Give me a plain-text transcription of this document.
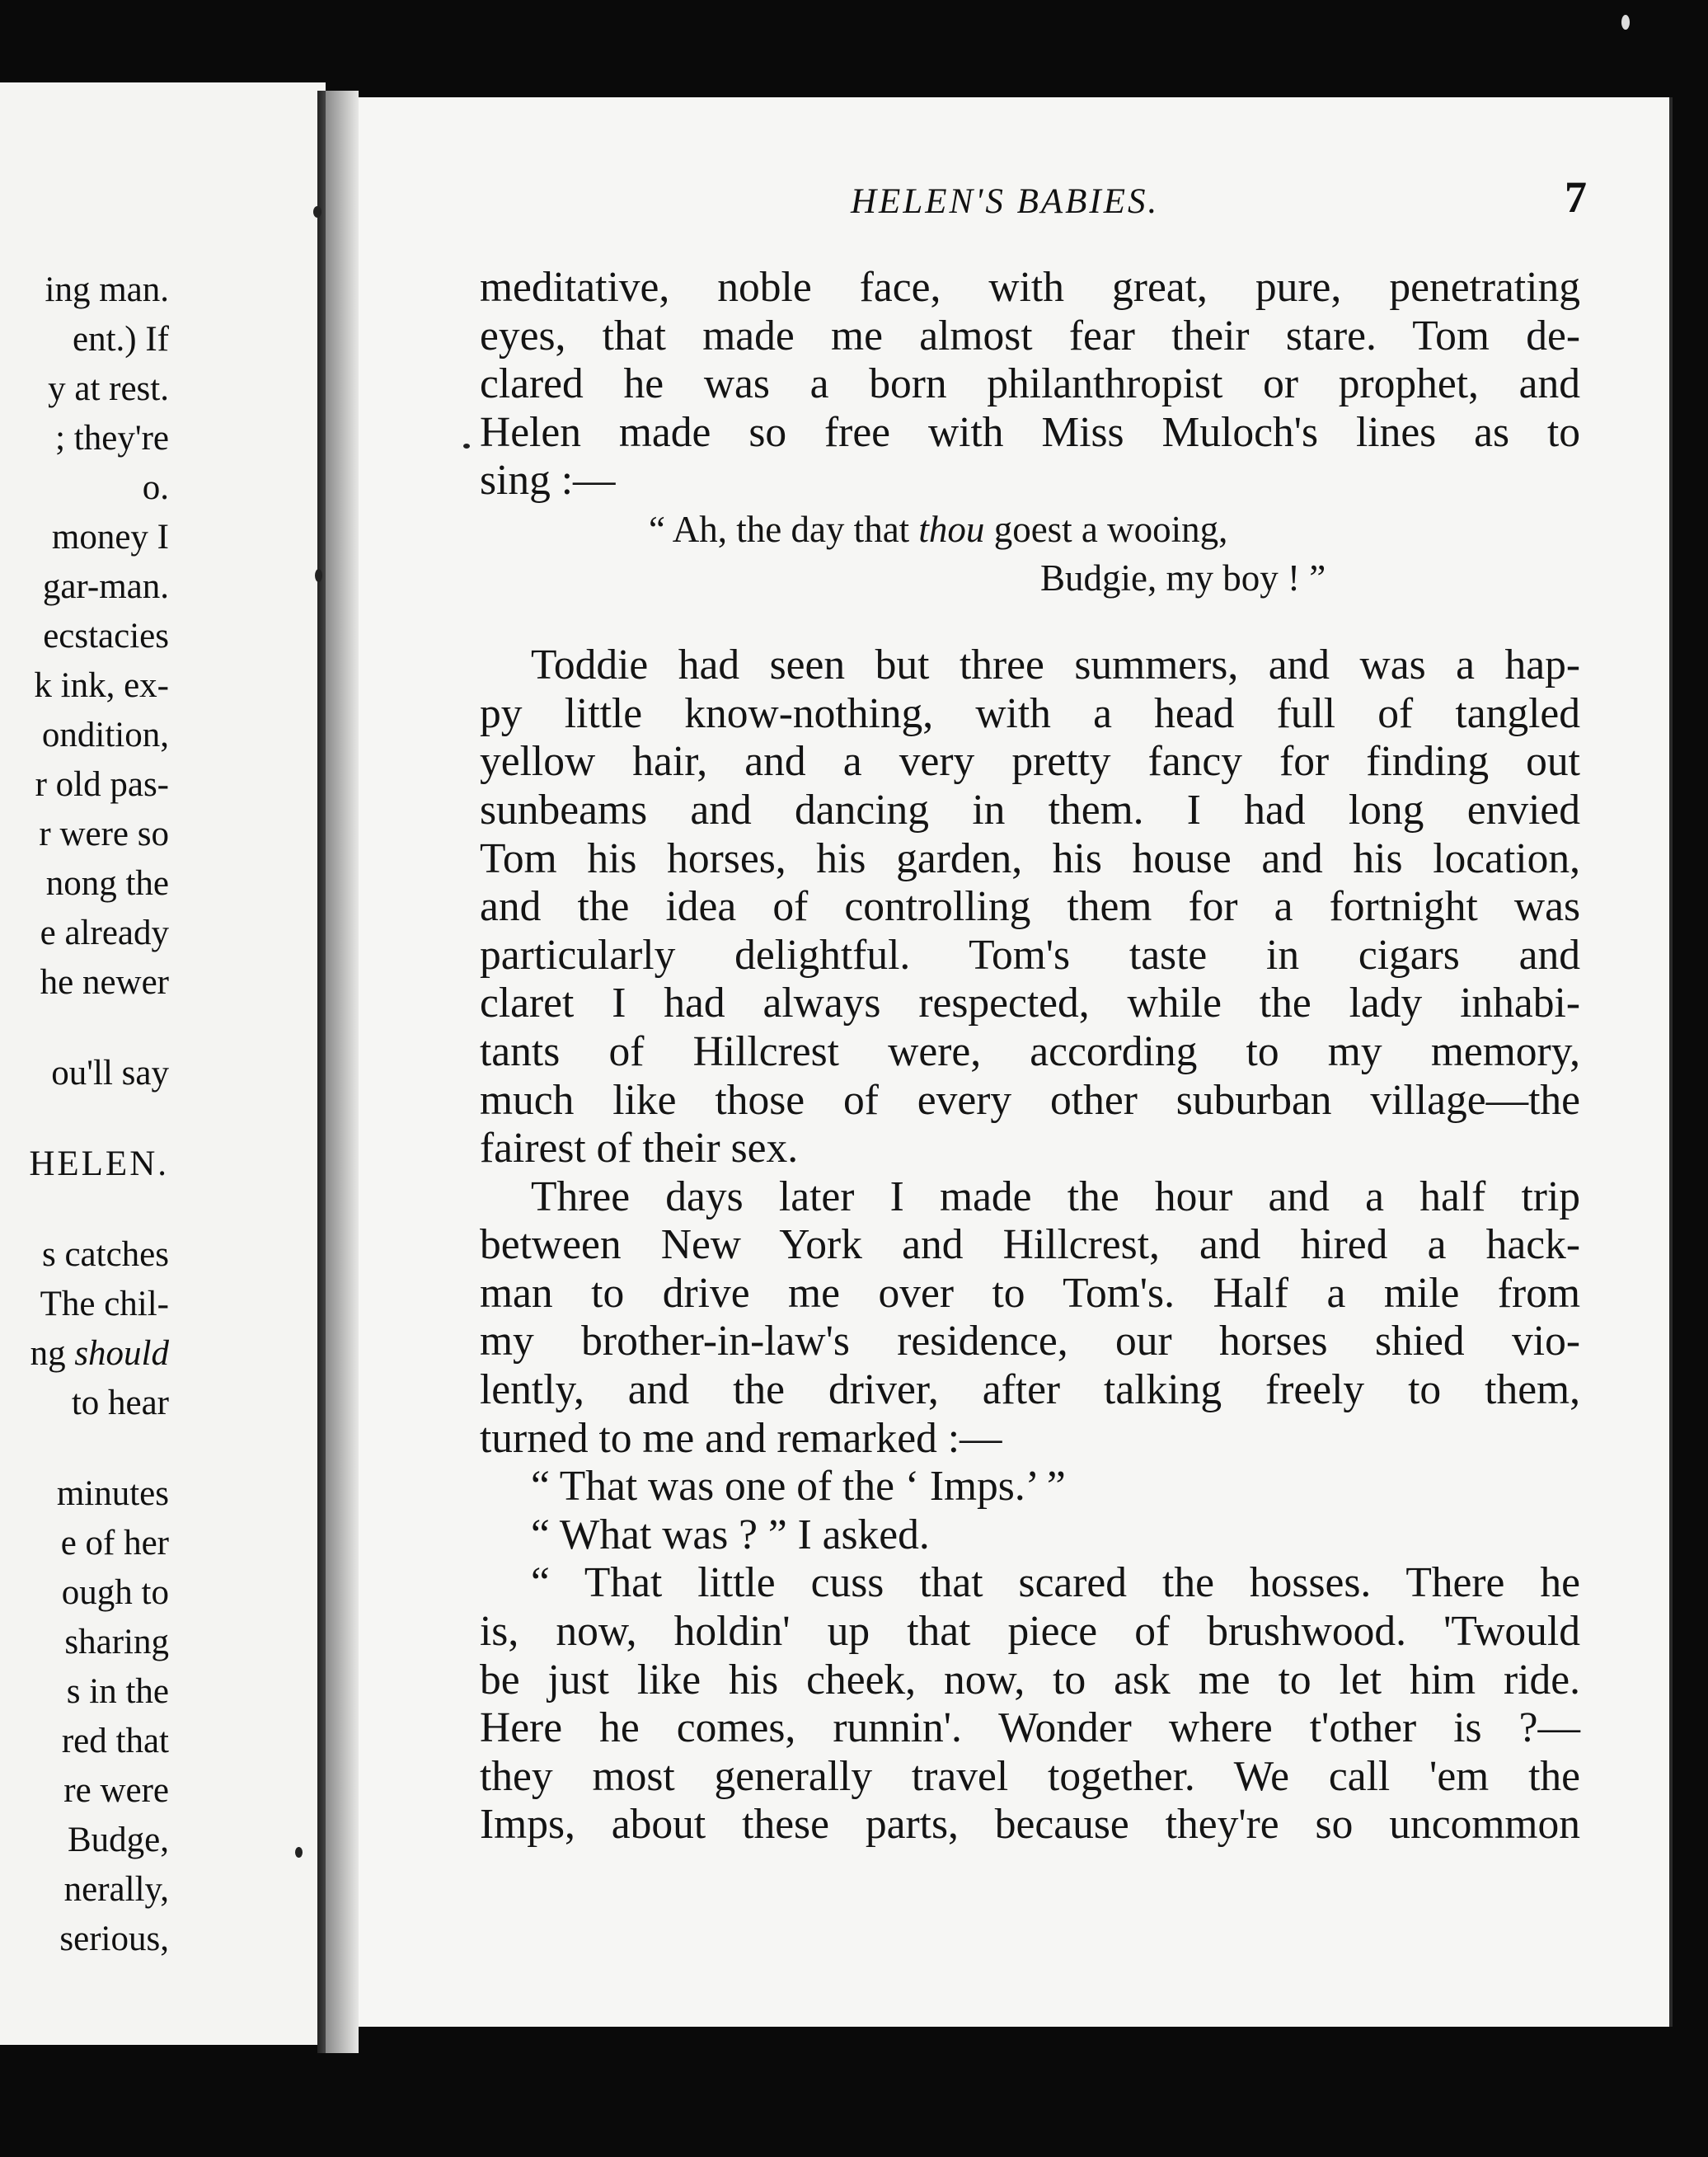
ing man.
ent.) If
y at rest.
; they're
o.
money I
gar-man.
ecstacies
k ink, ex-
ondition,
r old pas-
r were so
nong the
e already
he newer
ou'll say
HELEN.
s catches
The chil-
ng should
to hear
minutes
e of her
ough to
sharing
s in the
red that
re were
Budge,
nerally,
serious,
HELEN'S BABIES.	7
meditative, noble face, with great, pure, penetrating
eyes, that made me almost fear their stare. Tom de-
clared he was a born philanthropist or prophet, and
Helen made so free with Miss Muloch's lines as to
sing :—
“ Ah, the day that thou goest a wooing,
Budgie, my boy ! ”
Toddie had seen but three summers, and was a hap-
py little know-nothing, with a head full of tangled
yellow hair, and a very pretty fancy for finding out
sunbeams and dancing in them. I had long envied
Tom his horses, his garden, his house and his location,
and the idea of controlling them for a fortnight was
particularly delightful. Tom's taste in cigars and
claret I had always respected, while the lady inhabi-
tants of Hillcrest were, according to my memory,
much like those of every other suburban village—the
fairest of their sex.
Three days later I made the hour and a half trip
between New York and Hillcrest, and hired a hack-
man to drive me over to Tom's. Half a mile from
my brother-in-law's residence, our horses shied vio-
lently, and the driver, after talking freely to them,
turned to me and remarked :—
“ That was one of the ‘ Imps.’ ”
“ What was ? ” I asked.
“ That little cuss that scared the hosses. There he
is, now, holdin' up that piece of brushwood. 'Twould
be just like his cheek, now, to ask me to let him ride.
Here he comes, runnin'. Wonder where t'other is ?—
they most generally travel together. We call 'em the
Imps, about these parts, because they're so uncommon
